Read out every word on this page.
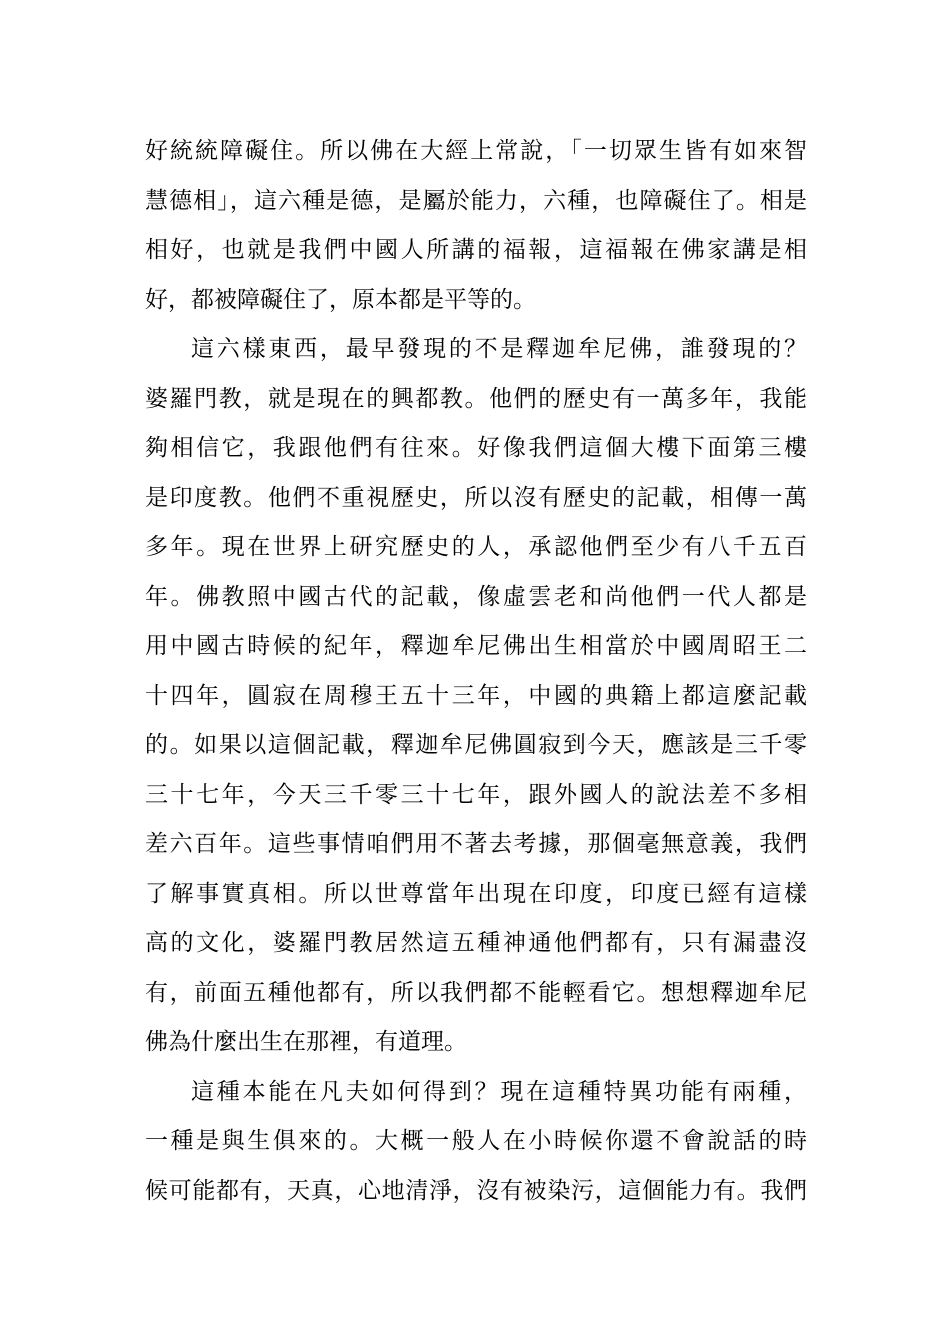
好統統障礙住。所以佛在大經上常說，「一切眾生皆有如來智
慧德相」，這六種是德，是屬於能力，六種，也障礙住了。相是
相好，也就是我們中國人所講的福報，這福報在佛家講是相
好，都被障礙住了，原本都是平等的。
這六樣東西，最早發現的不是釋迦牟尼佛，誰發現的？
婆羅門教，就是現在的興都教。他們的歷史有一萬多年，我能
夠相信它，我跟他們有往來。好像我們這個大樓下面第三樓
是印度教。他們不重視歷史，所以沒有歷史的記載，相傳一萬
多年。現在世界上研究歷史的人，承認他們至少有八千五百
年。佛教照中國古代的記載，像虛雲老和尚他們一代人都是
用中國古時候的紀年，釋迦牟尼佛出生相當於中國周昭王二
十四年，圓寂在周穆王五十三年，中國的典籍上都這麼記載
的。如果以這個記載，釋迦牟尼佛圓寂到今天，應該是三千零
三十七年，今天三千零三十七年，跟外國人的說法差不多相
差六百年。這些事情咱們用不著去考據，那個毫無意義，我們
了解事實真相。所以世尊當年出現在印度，印度已經有這樣
高的文化，婆羅門教居然這五種神通他們都有，只有漏盡沒
有，前面五種他都有，所以我們都不能輕看它。想想釋迦牟尼
佛為什麼出生在那裡，有道理。
這種本能在凡夫如何得到？現在這種特異功能有兩種，
一種是與生俱來的。大概一般人在小時候你還不會說話的時
候可能都有，天真，心地清淨，沒有被染污，這個能力有。我們
